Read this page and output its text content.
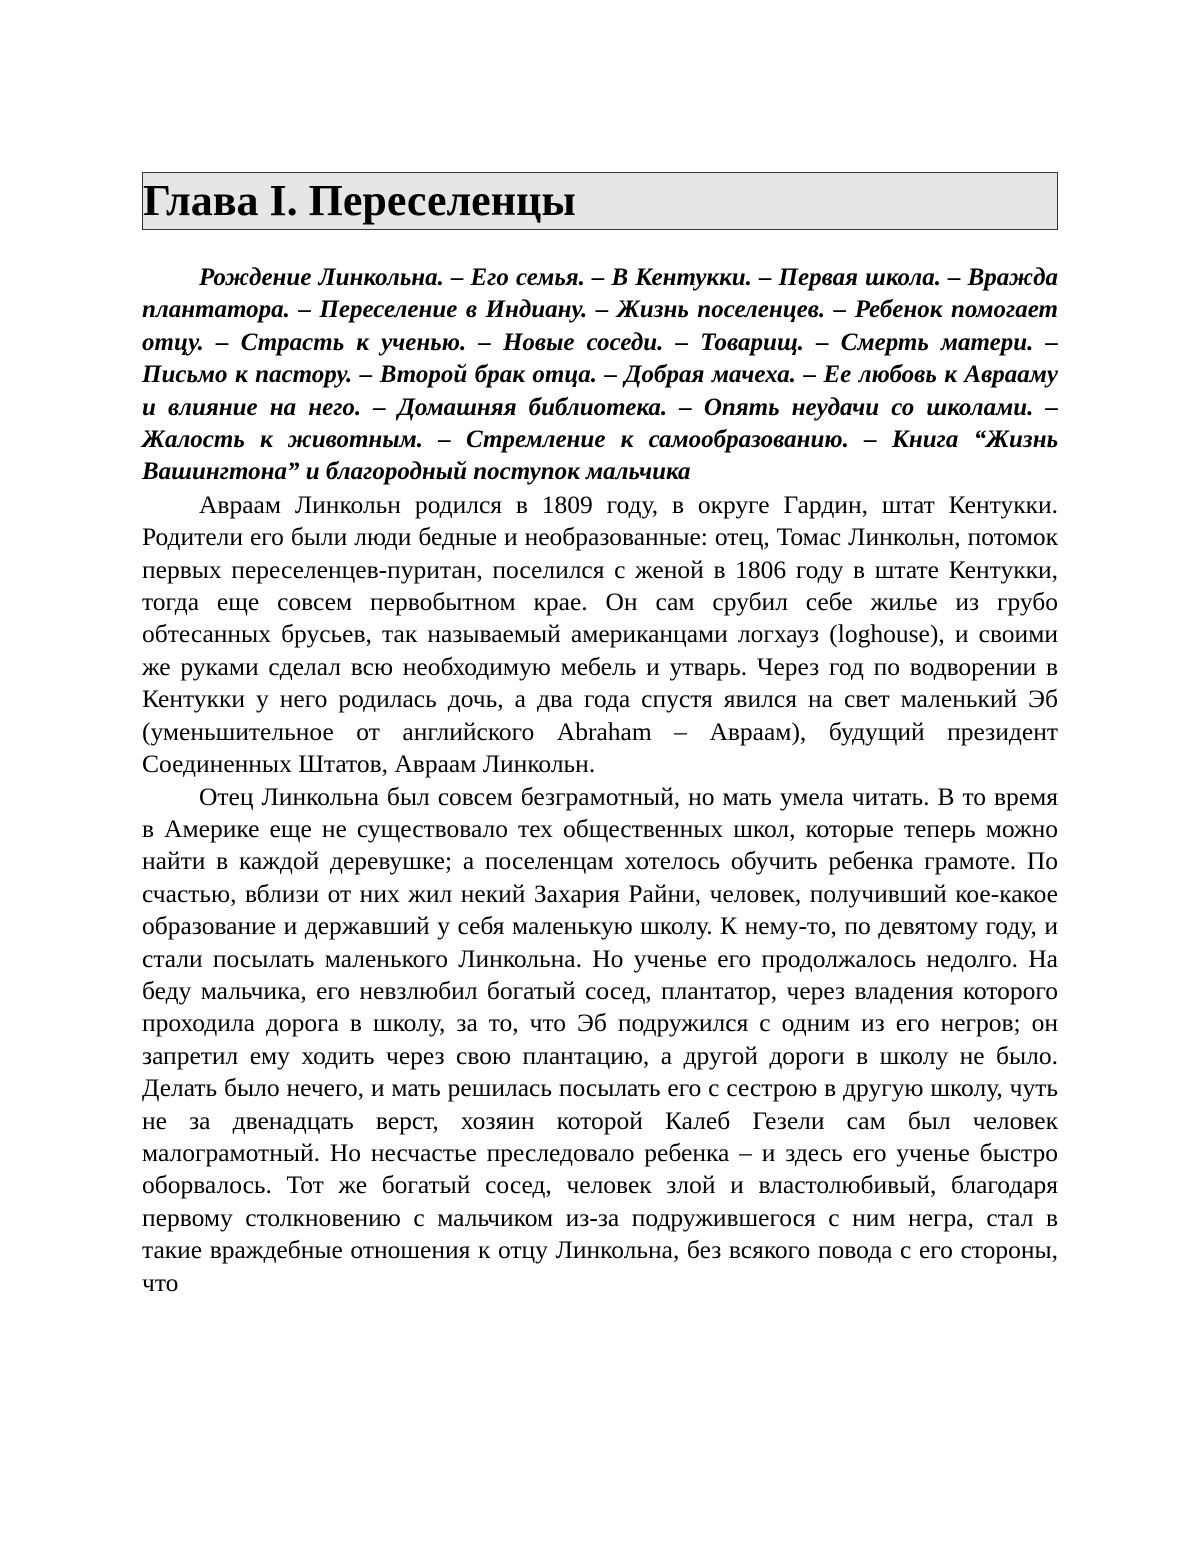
Глава I. Переселенцы

Рождение Линкольна. – Его семья. – В Кентукки. – Первая школа. – Вражда плантатора. – Переселение в Индиану. – Жизнь поселенцев. – Ребенок помогает отцу. – Страсть к ученью. – Новые соседи. – Товарищ. – Смерть матери. – Письмо к пастору. – Второй брак отца. – Добрая мачеха. – Ее любовь к Аврааму и влияние на него. – Домашняя библиотека. – Опять неудачи со школами. – Жалость к животным. – Стремление к самообразованию. – Книга “Жизнь Вашингтона” и благородный поступок мальчика

Авраам Линкольн родился в 1809 году, в округе Гардин, штат Кентукки. Родители его были люди бедные и необразованные: отец, Томас Линкольн, потомок первых переселенцев-пуритан, поселился с женой в 1806 году в штате Кентукки, тогда еще совсем первобытном крае. Он сам срубил себе жилье из грубо обтесанных брусьев, так называемый американцами логхауз (loghouse), и своими же руками сделал всю необходимую мебель и утварь. Через год по водворении в Кентукки у него родилась дочь, а два года спустя явился на свет маленький Эб (уменьшительное от английского Abraham – Авраам), будущий президент Соединенных Штатов, Авраам Линкольн.

Отец Линкольна был совсем безграмотный, но мать умела читать. В то время в Америке еще не существовало тех общественных школ, которые теперь можно найти в каждой деревушке; а поселенцам хотелось обучить ребенка грамоте. По счастью, вблизи от них жил некий Захария Райни, человек, получивший кое-какое образование и державший у себя маленькую школу. К нему-то, по девятому году, и стали посылать маленького Линкольна. Но ученье его продолжалось недолго. На беду мальчика, его невзлюбил богатый сосед, плантатор, через владения которого проходила дорога в школу, за то, что Эб подружился с одним из его негров; он запретил ему ходить через свою плантацию, а другой дороги в школу не было. Делать было нечего, и мать решилась посылать его с сестрою в другую школу, чуть не за двенадцать верст, хозяин которой Калеб Гезели сам был человек малограмотный. Но несчастье преследовало ребенка – и здесь его ученье быстро оборвалось. Тот же богатый сосед, человек злой и властолюбивый, благодаря первому столкновению с мальчиком из-за подружившегося с ним негра, стал в такие враждебные отношения к отцу Линкольна, без всякого повода с его стороны, что
